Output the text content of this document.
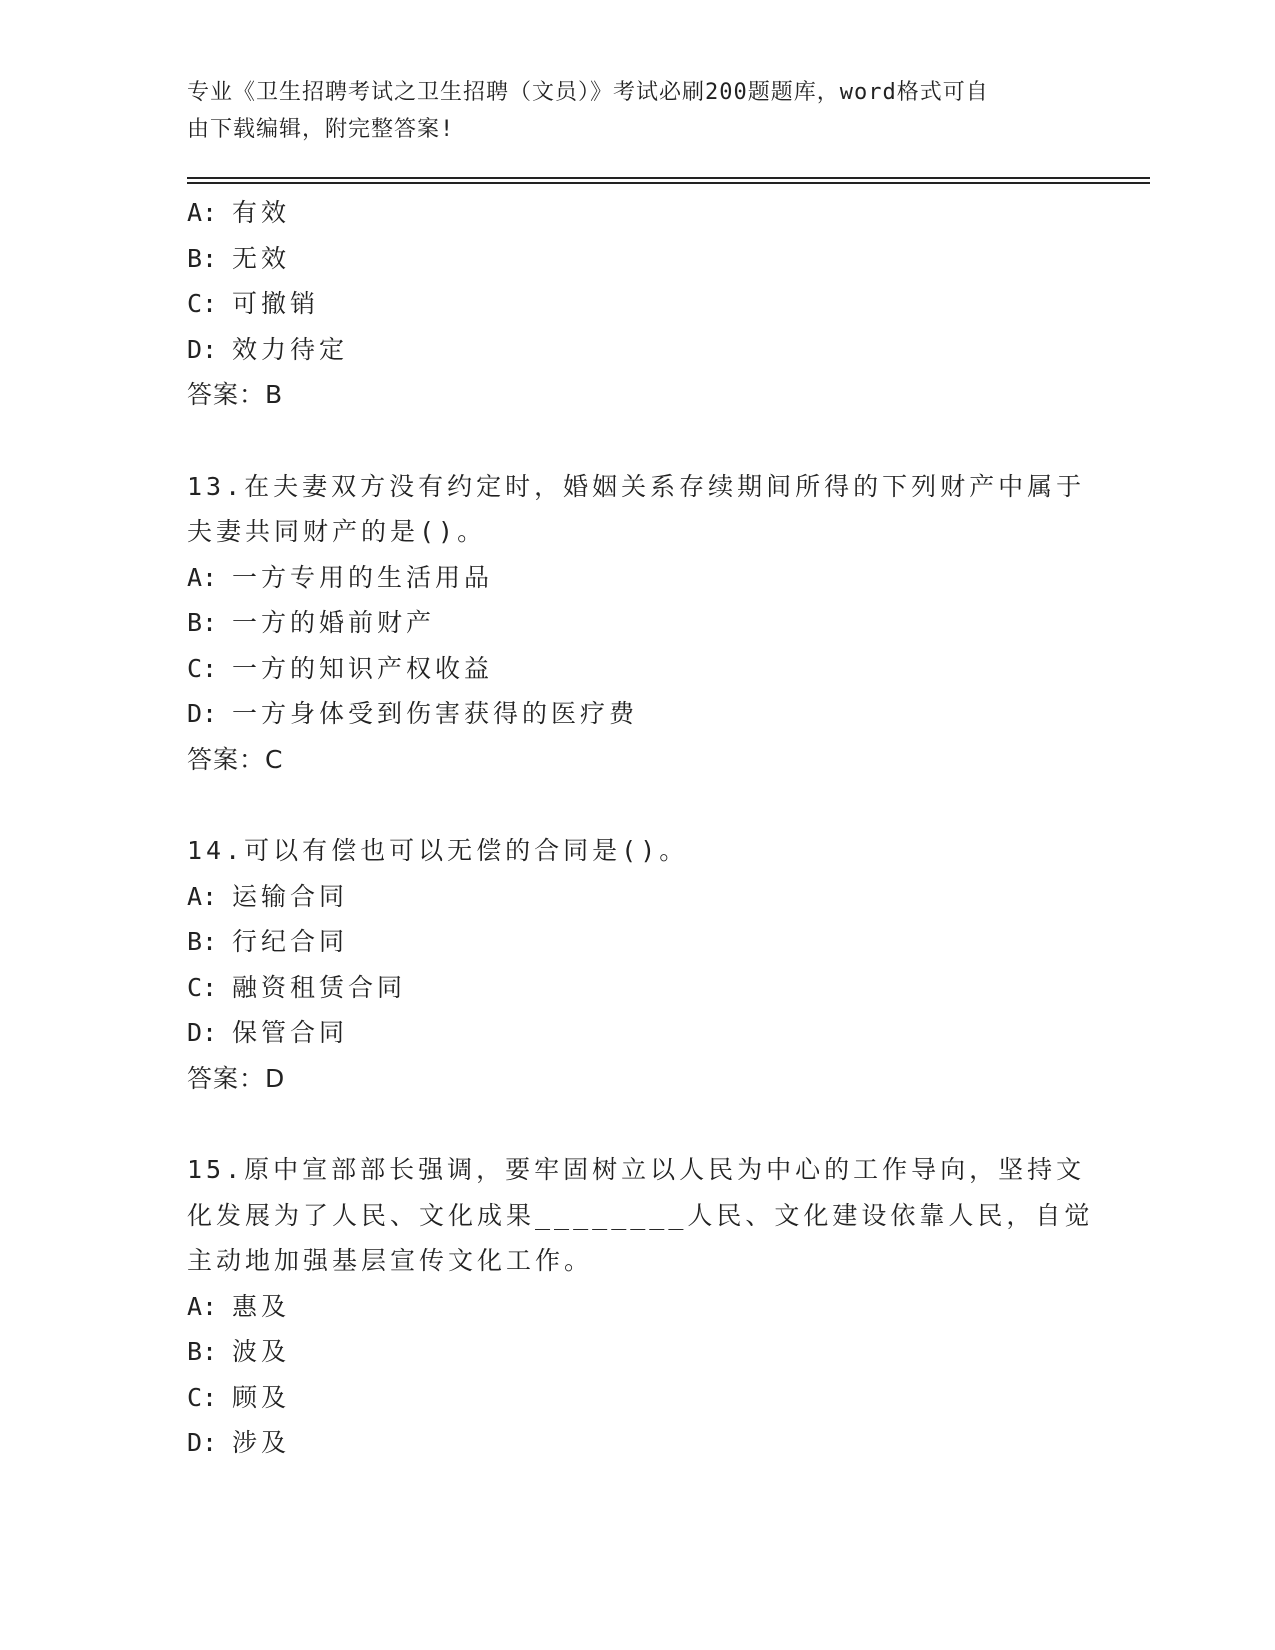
专业《卫生招聘考试之卫生招聘（文员）》考试必刷200题题库，word格式可自
由下载编辑，附完整答案!
A: 有效
B: 无效
C: 可撤销
D: 效力待定
答案：B
13.在夫妻双方没有约定时，婚姻关系存续期间所得的下列财产中属于
夫妻共同财产的是()。
A: 一方专用的生活用品
B: 一方的婚前财产
C: 一方的知识产权收益
D: 一方身体受到伤害获得的医疗费
答案：C
14.可以有偿也可以无偿的合同是()。
A: 运输合同
B: 行纪合同
C: 融资租赁合同
D: 保管合同
答案：D
15.原中宣部部长强调，要牢固树立以人民为中心的工作导向，坚持文
化发展为了人民、文化成果________人民、文化建设依靠人民，自觉
主动地加强基层宣传文化工作。
A: 惠及
B: 波及
C: 顾及
D: 涉及
